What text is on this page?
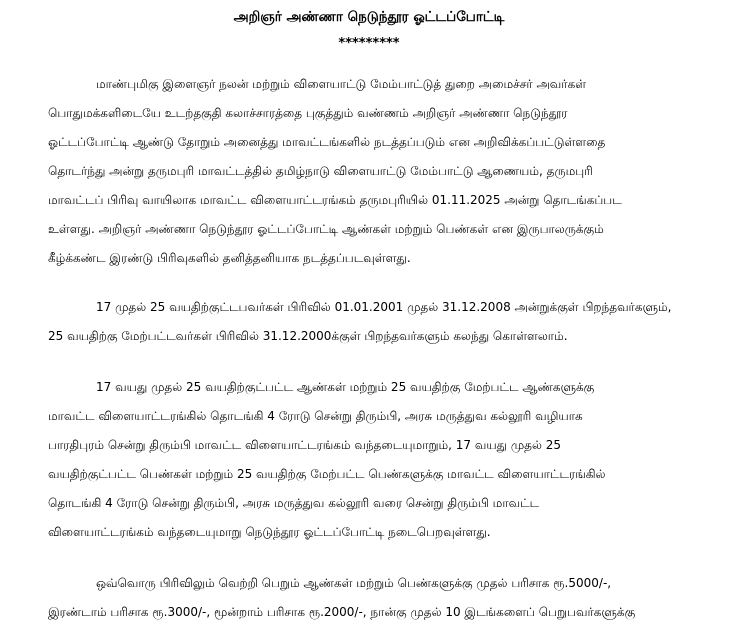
அறிஞர் அண்ணா நெடுந்தூர ஓட்டப்போட்டி
*********
மாண்புமிகு இளைஞர் நலன் மற்றும் விளையாட்டு மேம்பாட்டுத் துறை அமைச்சர் அவர்கள்
பொதுமக்களிடையே உடற்தகுதி கலாச்சாரத்தை புகுத்தும் வண்ணம் அறிஞர் அண்ணா நெடுந்தூர
ஓட்டப்போட்டி ஆண்டு தோறும் அனைத்து மாவட்டங்களில் நடத்தப்படும் என அறிவிக்கப்பட்டுள்ளதை
தொடர்ந்து அன்று தருமபுரி மாவட்டத்தில் தமிழ்நாடு விளையாட்டு மேம்பாட்டு ஆணையம், தருமபுரி
மாவட்டப் பிரிவு வாயிலாக மாவட்ட விளையாட்டரங்கம் தருமபுரியில் 01.11.2025 அன்று தொடங்கப்பட
உள்ளது. அறிஞர் அண்ணா நெடுந்தூர ஓட்டப்போட்டி ஆண்கள் மற்றும் பெண்கள் என இருபாலருக்கும்
கீழ்க்கண்ட இரண்டு பிரிவுகளில் தனித்தனியாக நடத்தப்படவுள்ளது.
17 முதல் 25 வயதிற்குட்டபவர்கள் பிரிவில் 01.01.2001 முதல் 31.12.2008 அன்றுக்குள் பிறந்தவர்களும்,
25 வயதிற்கு மேற்பட்டவர்கள் பிரிவில் 31.12.2000க்குள் பிறந்தவர்களும் கலந்து கொள்ளலாம்.
17 வயது முதல் 25 வயதிற்குட்பட்ட ஆண்கள் மற்றும் 25 வயதிற்கு மேற்பட்ட ஆண்களுக்கு
மாவட்ட விளையாட்டரங்கில் தொடங்கி 4 ரோடு சென்று திரும்பி, அரசு மருத்துவ கல்லூரி வழியாக
பாரதிபுரம் சென்று திரும்பி மாவட்ட விளையாட்டரங்கம் வந்தடையுமாறும், 17 வயது முதல் 25
வயதிற்குட்பட்ட பெண்கள் மற்றும் 25 வயதிற்கு மேற்பட்ட பெண்களுக்கு மாவட்ட விளையாட்டரங்கில்
தொடங்கி 4 ரோடு சென்று திரும்பி, அரசு மருத்துவ கல்லூரி வரை சென்று திரும்பி மாவட்ட
விளையாட்டரங்கம் வந்தடையுமாறு நெடுந்தூர ஓட்டப்போட்டி நடைபெறவுள்ளது.
ஒவ்வொரு பிரிவிலும் வெற்றி பெறும் ஆண்கள் மற்றும் பெண்களுக்கு முதல் பரிசாக ரூ.5000/-,
இரண்டாம் பரிசாக ரூ.3000/-, மூன்றாம் பரிசாக ரூ.2000/-, நான்கு முதல் 10 இடங்களைப் பெறுபவர்களுக்கு
